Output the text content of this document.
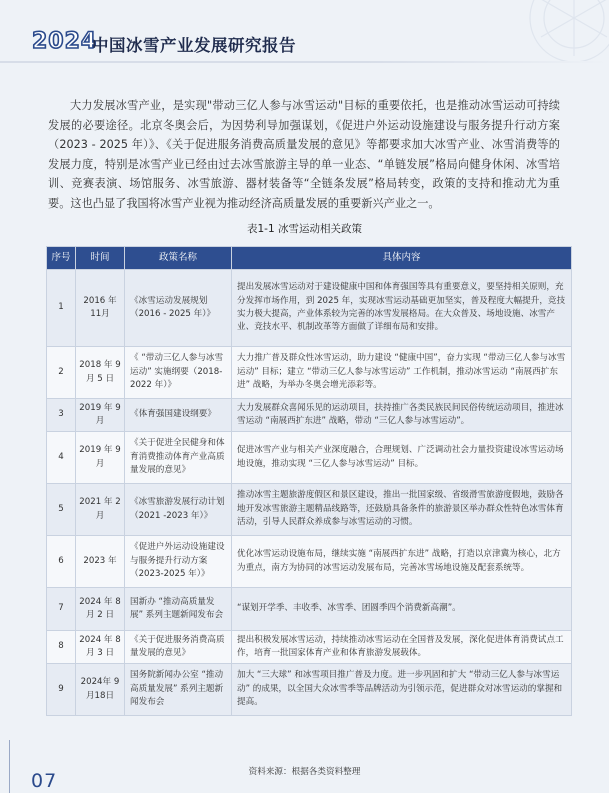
2024
中国冰雪产业发展研究报告

大力发展冰雪产业，是实现"带动三亿人参与冰雪运动"目标的重要依托，也是推动冰雪运动可持续发展的必要途径。北京冬奥会后，为因势利导加强谋划，《促进户外运动设施建设与服务提升行动方案（2023 - 2025 年）》、《关于促进服务消费高质量发展的意见》等都要求加大冰雪产业、冰雪消费等的发展力度，特别是冰雪产业已经由过去冰雪旅游主导的单一业态、“单链发展”格局向健身休闲、冰雪培训、竞赛表演、场馆服务、冰雪旅游、器材装备等“全链条发展”格局转变，政策的支持和推动尤为重要。这也凸显了我国将冰雪产业视为推动经济高质量发展的重要新兴产业之一。

表1-1 冰雪运动相关政策
序号	时间	政策名称	具体内容
1	2016 年 11月	《冰雪运动发展规划（2016 - 2025 年）》	提出发展冰雪运动对于建设健康中国和体育强国等具有重要意义，要坚持相关原则，充分发挥市场作用，到 2025 年，实现冰雪运动基础更加坚实，普及程度大幅提升，竞技实力极大提高，产业体系较为完善的冰雪发展格局。在大众普及、场地设施、冰雪产业、竞技水平、机制改革等方面做了详细布局和安排。
2	2018 年 9月 5 日	《 “带动三亿人参与冰雪运动” 实施纲要（2018-2022 年）》	大力推广普及群众性冰雪运动，助力建设 “健康中国”，奋力实现 “带动三亿人参与冰雪运动” 目标；建立 “带动三亿人参与冰雪运动” 工作机制，推动冰雪运动 “南展西扩东进” 战略，为举办冬奥会增光添彩等。
3	2019 年 9月	《体育强国建设纲要》	大力发展群众喜闻乐见的运动项目，扶持推广各类民族民间民俗传统运动项目，推进冰雪运动 “南展西扩东进” 战略，带动 “三亿人参与冰雪运动”。
4	2019 年 9月	《关于促进全民健身和体育消费推动体育产业高质量发展的意见》	促进冰雪产业与相关产业深度融合，合理规划、广泛调动社会力量投资建设冰雪运动场地设施，推动实现 “三亿人参与冰雪运动” 目标。
5	2021 年 2月	《冰雪旅游发展行动计划（2021 -2023 年）》	推动冰雪主题旅游度假区和景区建设，推出一批国家级、省级滑雪旅游度假地，鼓励各地开发冰雪旅游主题精品线路等，还鼓励具备条件的旅游景区举办群众性特色冰雪体育活动，引导人民群众养成参与冰雪运动的习惯。
6	2023 年	《促进户外运动设施建设与服务提升行动方案（2023-2025 年）》	优化冰雪运动设施布局，继续实施 “南展西扩东进” 战略，打造以京津冀为核心，北方为重点，南方为协同的冰雪运动发展布局，完善冰雪场地设施及配套系统等。
7	2024 年 8月 2 日	国新办 “推动高质量发展” 系列主题新闻发布会	“谋划开学季、丰收季、冰雪季、团圆季四个消费新高潮”。
8	2024 年 8月 3 日	《关于促进服务消费高质量发展的意见》	提出积极发展冰雪运动，持续推动冰雪运动在全国普及发展，深化促进体育消费试点工作，培育一批国家体育产业和体育旅游发展载体。
9	2024年 9月18日	国务院新闻办公室 “推动高质量发展” 系列主题新闻发布会	加大 “三大球” 和冰雪项目推广普及力度。进一步巩固和扩大 “带动三亿人参与冰雪运动” 的成果，以全国大众冰雪季等品牌活动为引领示范，促进群众对冰雪运动的掌握和提高。
资料来源：根据各类资料整理
07
